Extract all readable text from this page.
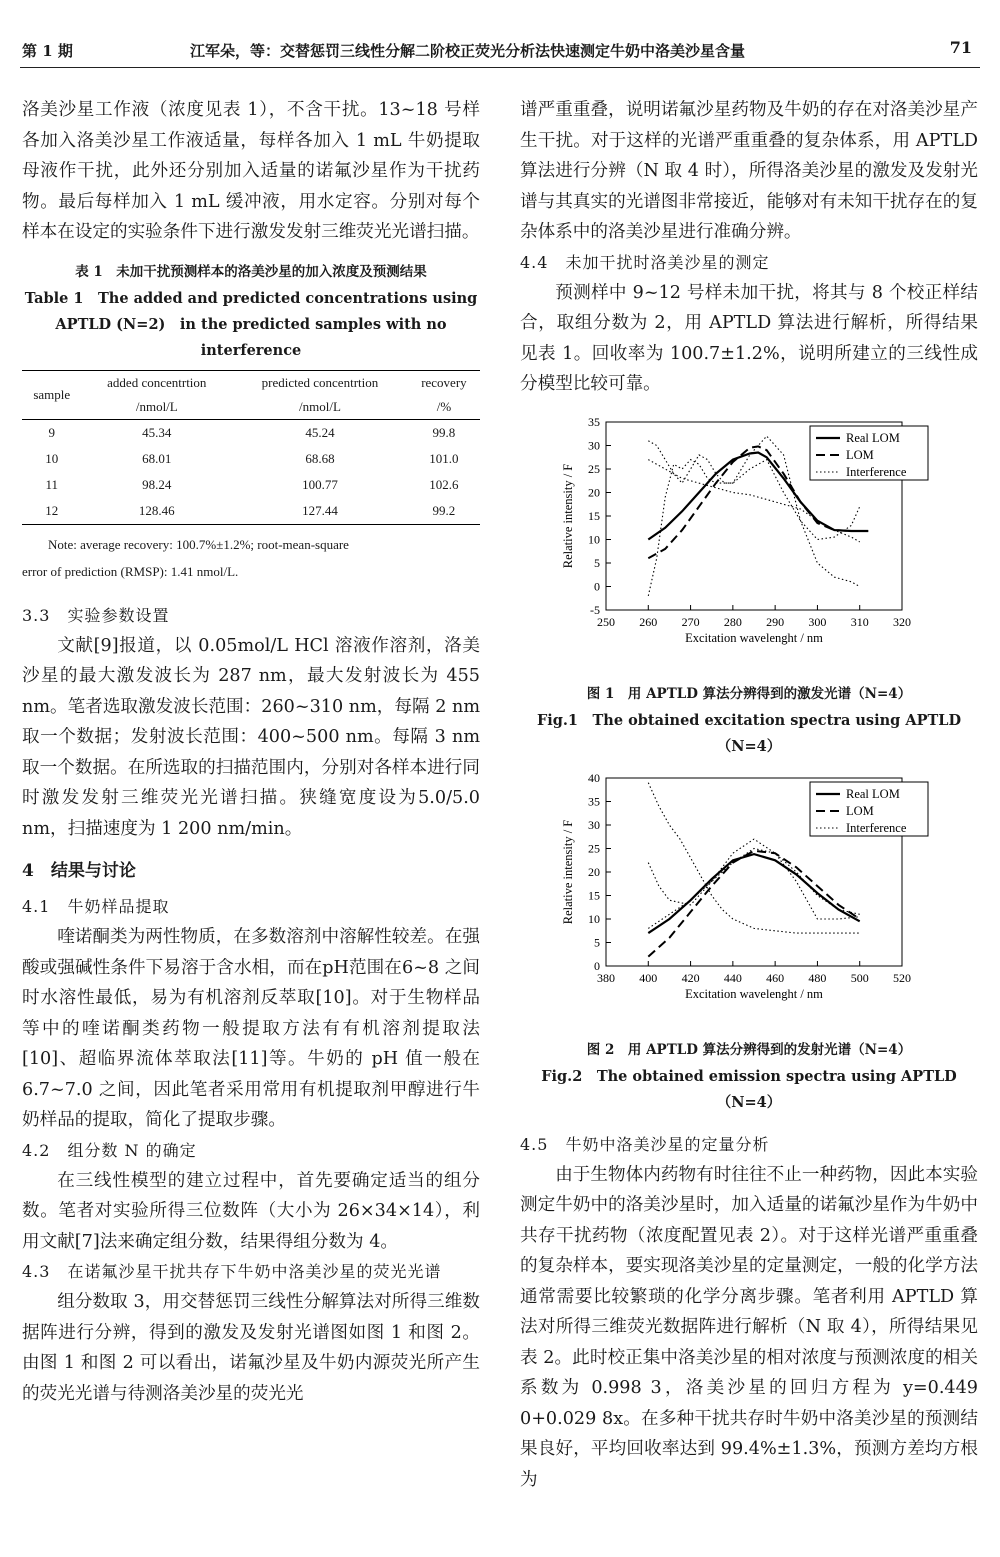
第 1 期	江军朵，等：交替惩罚三线性分解二阶校正荧光分析法快速测定牛奶中洛美沙星含量	71

洛美沙星工作液（浓度见表 1），不含干扰。13~18 号样各加入洛美沙星工作液适量，每样各加入 1 mL 牛奶提取母液作干扰，此外还分别加入适量的诺氟沙星作为干扰药物。最后每样加入 1 mL 缓冲液，用水定容。分别对每个样本在设定的实验条件下进行激发发射三维荧光光谱扫描。

表 1　未加干扰预测样本的洛美沙星的加入浓度及预测结果
Table 1　The added and predicted concentrations using
APTLD (N=2)　in the predicted samples with no interference
sample	added concentrtion	predicted concentrtion	recovery
	/nmol/L	/nmol/L	/%
9	45.34	45.24	99.8
10	68.01	68.68	101.0
11	98.24	100.77	102.6
12	128.46	127.44	99.2
Note: average recovery: 100.7%±1.2%; root-mean-square
error of prediction (RMSP): 1.41 nmol/L.
3.3　实验参数设置

文献[9]报道，以 0.05mol/L HCl 溶液作溶剂，洛美沙星的最大激发波长为 287 nm，最大发射波长为 455 nm。笔者选取激发波长范围：260~310 nm，每隔 2 nm 取一个数据；发射波长范围：400~500 nm。每隔 3 nm 取一个数据。在所选取的扫描范围内，分别对各样本进行同时激发发射三维荧光光谱扫描。狭缝宽度设为5.0/5.0 nm，扫描速度为 1 200 nm/min。

4　结果与讨论
4.1　牛奶样品提取

喹诺酮类为两性物质，在多数溶剂中溶解性较差。在强酸或强碱性条件下易溶于含水相，而在pH范围在6~8 之间时水溶性最低，易为有机溶剂反萃取[10]。对于生物样品等中的喹诺酮类药物一般提取方法有有机溶剂提取法[10]、超临界流体萃取法[11]等。牛奶的 pH 值一般在 6.7~7.0 之间，因此笔者采用常用有机提取剂甲醇进行牛奶样品的提取，简化了提取步骤。

4.2　组分数 N 的确定

在三线性模型的建立过程中，首先要确定适当的组分数。笔者对实验所得三位数阵（大小为 26×34×14），利用文献[7]法来确定组分数，结果得组分数为 4。

4.3　在诺氟沙星干扰共存下牛奶中洛美沙星的荧光光谱

组分数取 3，用交替惩罚三线性分解算法对所得三维数据阵进行分辨，得到的激发及发射光谱图如图 1 和图 2。由图 1 和图 2 可以看出，诺氟沙星及牛奶内源荧光所产生的荧光光谱与待测洛美沙星的荧光光

谱严重重叠，说明诺氟沙星药物及牛奶的存在对洛美沙星产生干扰。对于这样的光谱严重重叠的复杂体系，用 APTLD 算法进行分辨（N 取 4 时），所得洛美沙星的激发及发射光谱与其真实的光谱图非常接近，能够对有未知干扰存在的复杂体系中的洛美沙星进行准确分辨。

4.4　未加干扰时洛美沙星的测定

预测样中 9~12 号样未加干扰，将其与 8 个校正样结合，取组分数为 2，用 APTLD 算法进行解析，所得结果见表 1。回收率为 100.7±1.2%，说明所建立的三线性成分模型比较可靠。

250 260 270 280 290 300 310 320
-5
0
5
10
15
20
25
30
35
Excitation wavelenght / nm
Relative intensity / F
Real LOM
LOM
Interference
图 1　用 APTLD 算法分辨得到的激发光谱（N=4）
Fig.1　The obtained excitation spectra using APTLD（N=4）
380 400 420 440 460 480 500 520
0
5
10
15
20
25
30
35
40
Excitation wavelenght / nm
Relative intensity / F
Real LOM
LOM
Interference
图 2　用 APTLD 算法分辨得到的发射光谱（N=4）
Fig.2　The obtained emission spectra using APTLD（N=4）
4.5　牛奶中洛美沙星的定量分析

由于生物体内药物有时往往不止一种药物，因此本实验测定牛奶中的洛美沙星时，加入适量的诺氟沙星作为牛奶中共存干扰药物（浓度配置见表 2）。对于这样光谱严重重叠的复杂样本，要实现洛美沙星的定量测定，一般的化学方法通常需要比较繁琐的化学分离步骤。笔者利用 APTLD 算法对所得三维荧光数据阵进行解析（N 取 4），所得结果见表 2。此时校正集中洛美沙星的相对浓度与预测浓度的相关系数为 0.998 3，洛美沙星的回归方程为 y=0.449 0+0.029 8x。在多种干扰共存时牛奶中洛美沙星的预测结果良好，平均回收率达到 99.4%±1.3%，预测方差均方根为
